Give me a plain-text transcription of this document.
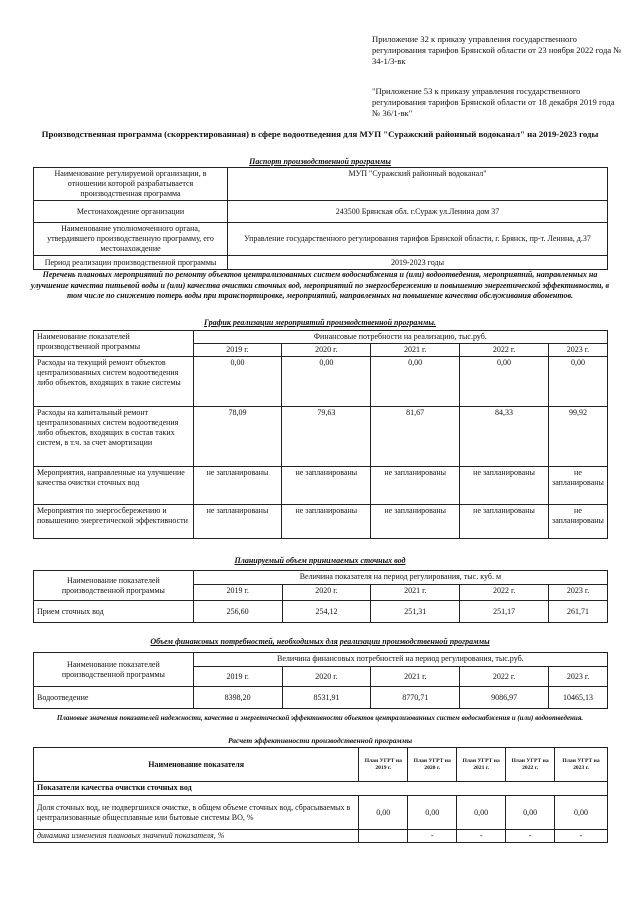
Приложение 32 к приказу управления государственного регулирования тарифов Брянской области от 23 ноября 2022 года № 34-1/3-вк
"Приложение 53 к приказу управления государственного регулирования тарифов Брянской области от 18 декабря 2019 года № 36/1-вк"
Производственная программа (скорректированная) в сфере водоотведения для МУП "Суражский районный водоканал" на 2019-2023 годы
Паспорт производственной программы
Наименование регулируемой организации, в отношении которой разрабатывается производственная программа	МУП "Суражский районный водоканал"
Местонахождение организации	243500 Брянская обл. г.Сураж ул.Ленина дом 37
Наименование уполномоченного органа, утвердившего производственную программу, его местонахождение	Управление государственного регулирования тарифов Брянской области, г. Брянск, пр-т. Ленина, д.37
Период реализации производственной программы	2019-2023 годы
Перечень плановых мероприятий по ремонту объектов централизованных систем водоснабжения и (или) водоотведения, мероприятий, направленных на улучшение качества питьевой воды и (или) качества очистки сточных вод, мероприятий по энергосбережению и повышению энергетической эффективности, в том числе по снижению потерь воды при транспортировке, мероприятий, направленных на повышение качества обслуживания абонентов.
График реализации мероприятий производственной программы.
Наименование показателей производственной программы	Финансовые потребности на реализацию, тыс.руб.				
	2019 г.	2020 г.	2021 г.	2022 г.	2023 г.
Расходы на текущий ремонт объектов централизованных систем водоотведения либо объектов, входящих в такие системы	0,00	0,00	0,00	0,00	0,00
Расходы на капитальный ремонт централизованных систем водоотведения либо объектов, входящих в состав таких систем, в т.ч. за счет амортизации	78,09	79,63	81,67	84,33	99,92
Мероприятия, направленные на улучшение качества очистки сточных вод	не запланированы	не запланированы	не запланированы	не запланированы	не запланированы
Мероприятия по энергосбережению и повышению энергетической эффективности	не запланированы	не запланированы	не запланированы	не запланированы	не запланированы
Планируемый объем принимаемых сточных вод
Наименование показателей производственной программы	Величина показателя на период регулирования, тыс. куб. м				
	2019 г.	2020 г.	2021 г.	2022 г.	2023 г.
Прием сточных вод	256,60	254,12	251,31	251,17	261,71
Объем финансовых потребностей, необходимых для реализации производственной программы
Наименование показателей производственной программы	Величина финансовых потребностей на период регулирования, тыс.руб.				
	2019 г.	2020 г.	2021 г.	2022 г.	2023 г.
Водоотведение	8398,20	8531,91	8770,71	9086,97	10465,13
Плановые значения показателей надежности, качества и энергетической эффективности объектов централизованных систем водоснабжения и (или) водоотведения.
Расчет эффективности производственной программы
Наименование показателя	План УГРТ на 2019 г.	План УГРТ на 2020 г.	План УГРТ на 2021 г.	План УГРТ на 2022 г.	План УГРТ на 2023 г.
Показатели качества очистки сточных вод					
Доля сточных вод, не подвергшихся очистке, в общем объеме сточных вод, сбрасываемых в централизованные общесплавные или бытовые системы ВО, %	0,00	0,00	0,00	0,00	0,00
динамика изменения плановых значений показателя, %		-	-	-	-
